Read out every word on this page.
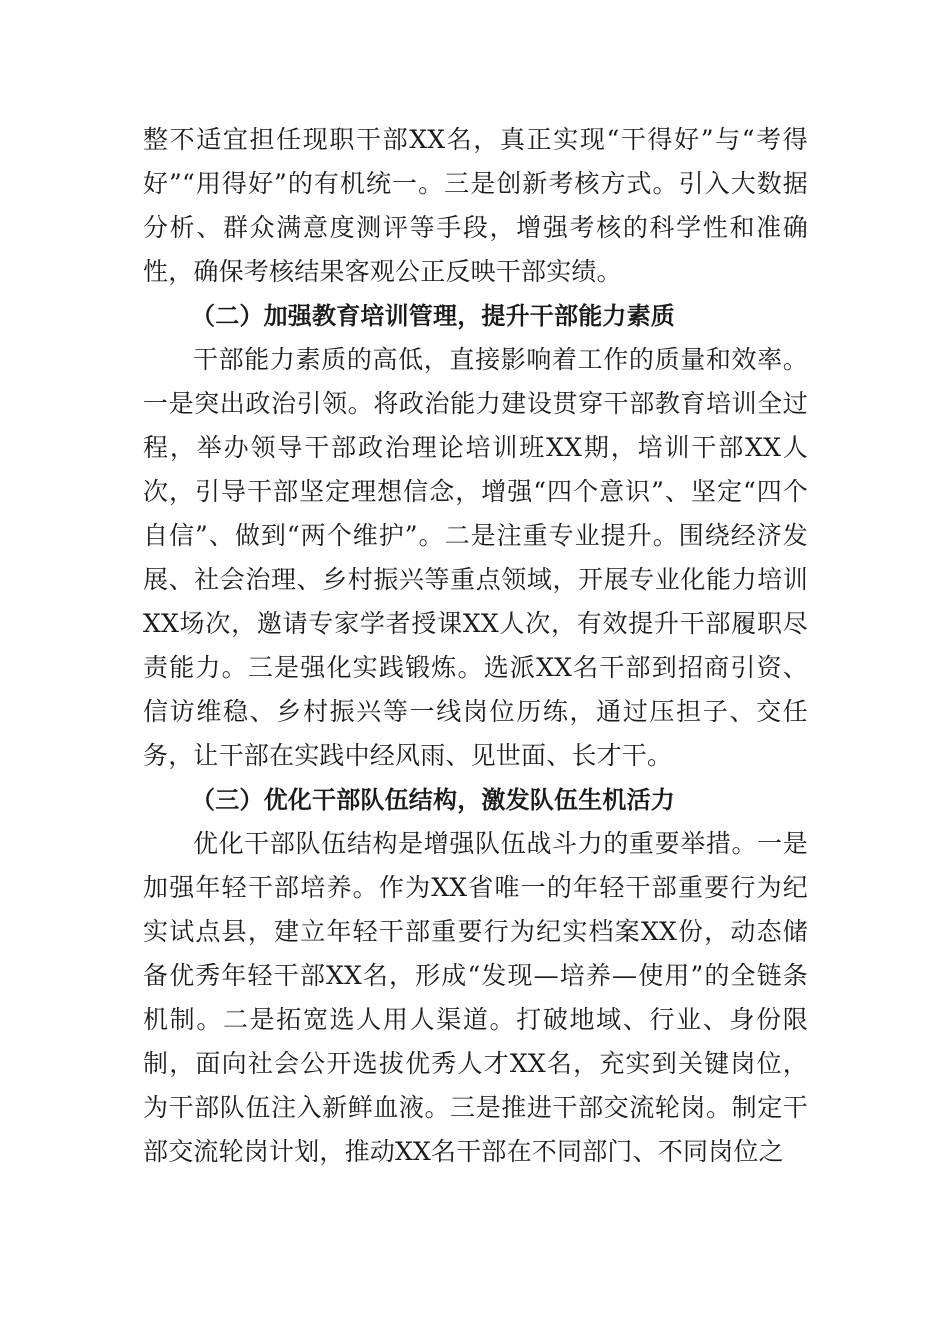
整不适宜担任现职干部XX名，真正实现“干得好”与“考得好”“用得好”的有机统一。三是创新考核方式。引入大数据分析、群众满意度测评等手段，增强考核的科学性和准确性，确保考核结果客观公正反映干部实绩。

（二）加强教育培训管理，提升干部能力素质

干部能力素质的高低，直接影响着工作的质量和效率。一是突出政治引领。将政治能力建设贯穿干部教育培训全过程，举办领导干部政治理论培训班XX期，培训干部XX人次，引导干部坚定理想信念，增强“四个意识”、坚定“四个自信”、做到“两个维护”。二是注重专业提升。围绕经济发展、社会治理、乡村振兴等重点领域，开展专业化能力培训XX场次，邀请专家学者授课XX人次，有效提升干部履职尽责能力。三是强化实践锻炼。选派XX名干部到招商引资、信访维稳、乡村振兴等一线岗位历练，通过压担子、交任务，让干部在实践中经风雨、见世面、长才干。

（三）优化干部队伍结构，激发队伍生机活力

优化干部队伍结构是增强队伍战斗力的重要举措。一是加强年轻干部培养。作为XX省唯一的年轻干部重要行为纪实试点县，建立年轻干部重要行为纪实档案XX份，动态储备优秀年轻干部XX名，形成“发现—培养—使用”的全链条机制。二是拓宽选人用人渠道。打破地域、行业、身份限制，面向社会公开选拔优秀人才XX名，充实到关键岗位，为干部队伍注入新鲜血液。三是推进干部交流轮岗。制定干部交流轮岗计划，推动XX名干部在不同部门、不同岗位之
